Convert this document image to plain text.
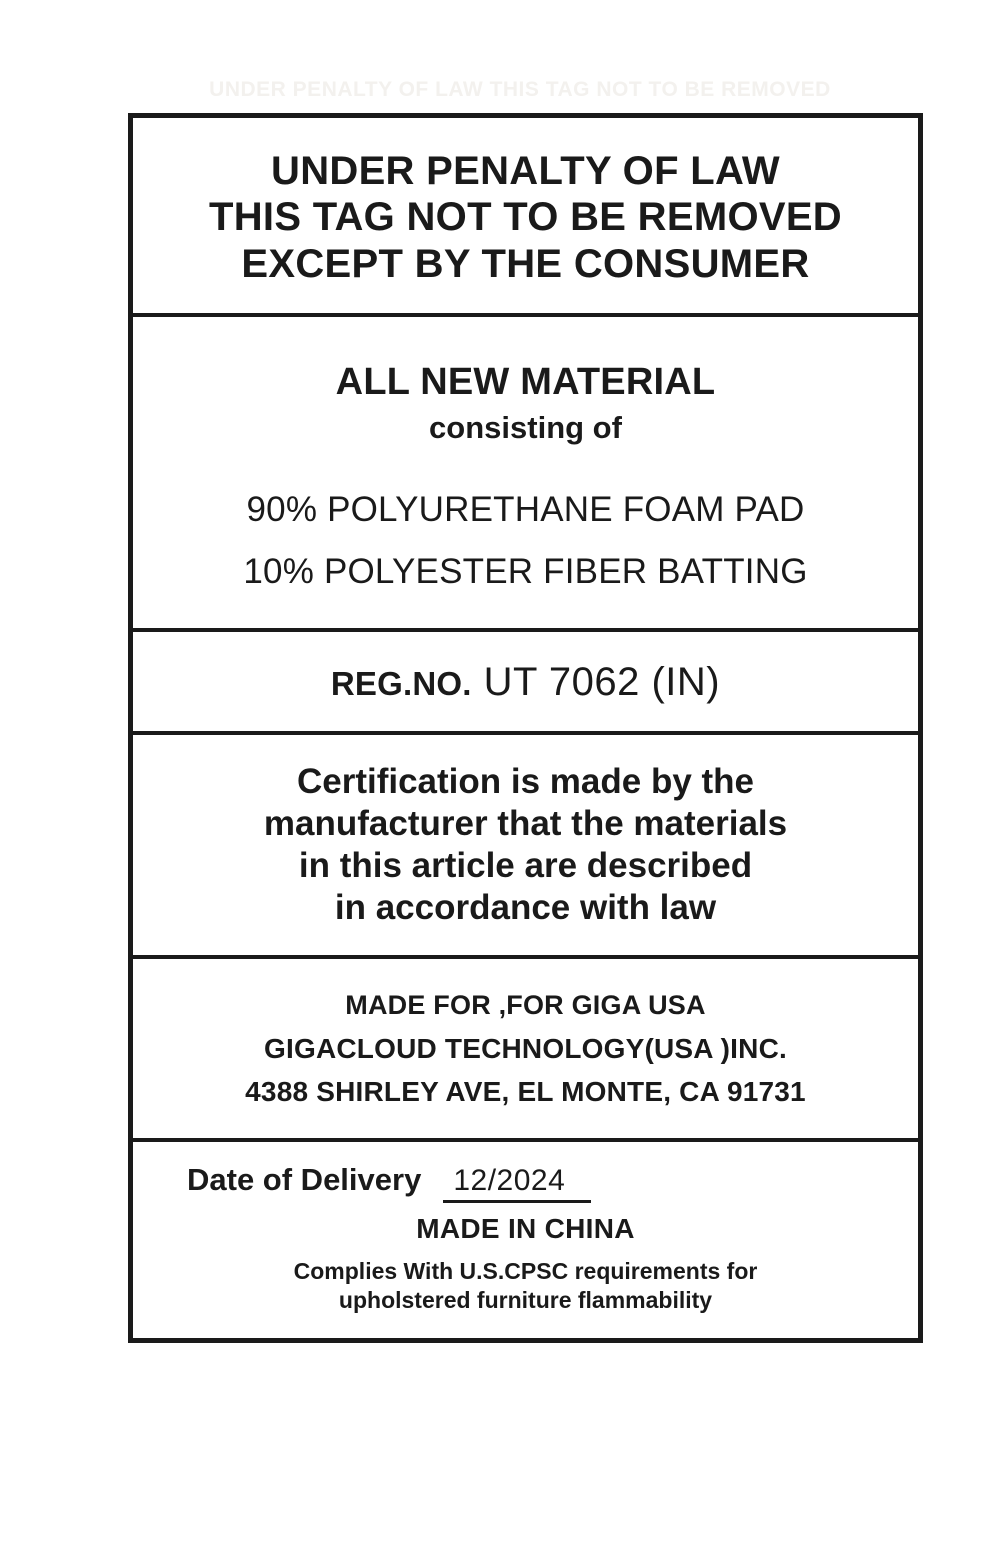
UNDER PENALTY OF LAW THIS TAG NOT TO BE REMOVED
UNDER PENALTY OF LAW
THIS TAG NOT TO BE REMOVED
EXCEPT BY THE CONSUMER
ALL NEW MATERIAL
consisting of
90% POLYURETHANE FOAM PAD
10% POLYESTER FIBER BATTING
REG.NO. UT 7062 (IN)
Certification is made by the
manufacturer that the materials
in this article are described
in accordance with law
MADE FOR ,FOR GIGA USA
GIGACLOUD TECHNOLOGY(USA )INC.
4388 SHIRLEY AVE, EL MONTE, CA 91731
Date of Delivery	12/2024
MADE IN CHINA
Complies With U.S.CPSC requirements for
upholstered furniture flammability
